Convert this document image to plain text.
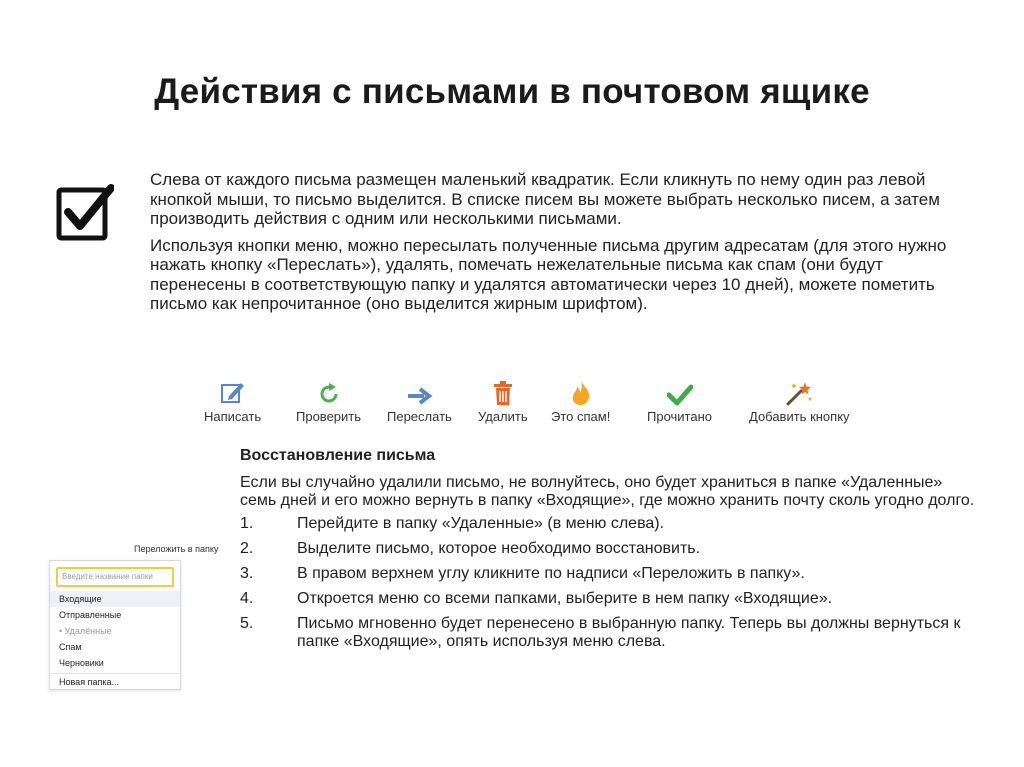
Действия с письмами в почтовом ящике

Слева от каждого письма размещен маленький квадратик. Если кликнуть по нему один раз левой кнопкой мыши, то письмо выделится. В списке писем вы можете выбрать несколько писем, а затем производить действия с одним или несколькими письмами.

Используя кнопки меню, можно пересылать полученные письма другим адресатам (для этого нужно нажать кнопку «Переслать»), удалять, помечать нежелательные письма как спам (они будут перенесены в соответствующую папку и удалятся автоматически через 10 дней), можете пометить письмо как непрочитанное (оно выделится жирным шрифтом).

Написать	Проверить Переслать Удалить Это спам!	Прочитано	Добавить кнопку
Восстановление письма
Если вы случайно удалили письмо, не волнуйтесь, оно будет храниться в папке «Удаленные» семь дней и его можно вернуть в папку «Входящие», где можно хранить почту сколь угодно долго.
1.	Перейдите в папку «Удаленные» (в меню слева).
2.	Выделите письмо, которое необходимо восстановить.
3.	В правом верхнем углу кликните по надписи «Переложить в папку».
4.	Откроется меню со всеми папками, выберите в нем папку «Входящие».
5.	Письмо мгновенно будет перенесено в выбранную папку. Теперь вы должны вернуться к папке «Входящие», опять используя меню слева.
Переложить в папку
Введите название папки
Входящие
Отправленные
• Удалённые
Спам
Черновики
Новая папка...
